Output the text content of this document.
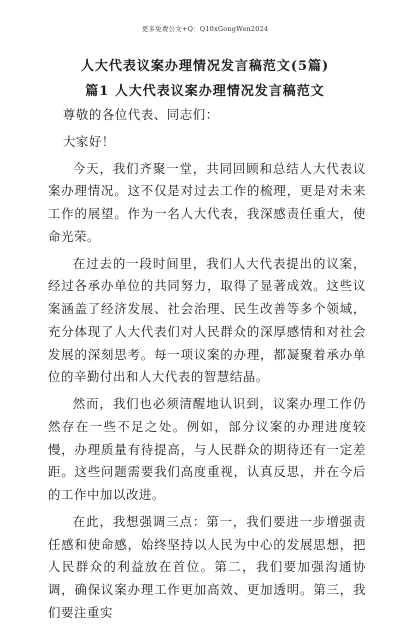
更多免费公文+Q：Q10xGongWen2024
人大代表议案办理情况发言稿范文(5篇)
篇1 人大代表议案办理情况发言稿范文

尊敬的各位代表、同志们：

大家好！

今天，我们齐聚一堂，共同回顾和总结人大代表议案办理情况。这不仅是对过去工作的梳理，更是对未来工作的展望。作为一名人大代表，我深感责任重大，使命光荣。

在过去的一段时间里，我们人大代表提出的议案，经过各承办单位的共同努力，取得了显著成效。这些议案涵盖了经济发展、社会治理、民生改善等多个领域，充分体现了人大代表们对人民群众的深厚感情和对社会发展的深刻思考。每一项议案的办理，都凝聚着承办单位的辛勤付出和人大代表的智慧结晶。

然而，我们也必须清醒地认识到，议案办理工作仍然存在一些不足之处。例如，部分议案的办理进度较慢，办理质量有待提高，与人民群众的期待还有一定差距。这些问题需要我们高度重视，认真反思，并在今后的工作中加以改进。

在此，我想强调三点：第一，我们要进一步增强责任感和使命感，始终坚持以人民为中心的发展思想，把人民群众的利益放在首位。第二，我们要加强沟通协调，确保议案办理工作更加高效、更加透明。第三，我们要注重实
